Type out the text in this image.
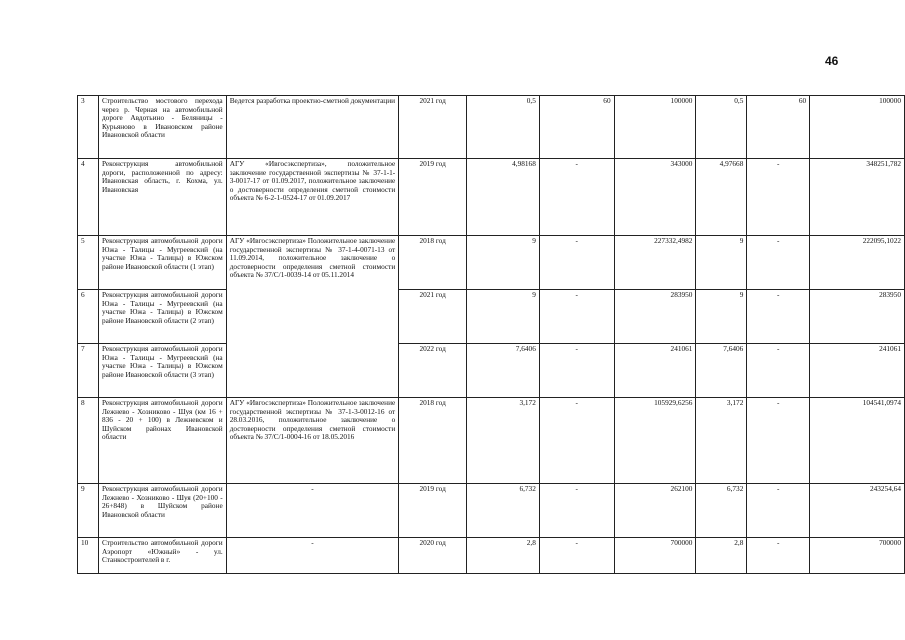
46
3	Строительство мостового перехода через р. Черная на автомобильной дороге Авдотьино - Беляницы - Курьяново в Ивановском районе Ивановской области	Ведется разработка проектно-сметной документации	2021 год	0,5	60	100000	0,5	60	100000
4	Реконструкция автомобильной дороги, расположенной по адресу: Ивановская область, г. Кохма, ул. Ивановская	АГУ «Ивгосэкспертиза», положительное заключение государственной экспертизы № 37-1-1-3-0017-17 от 01.09.2017, положительное заключение о достоверности определения сметной стоимости объекта № 6-2-1-0524-17 от 01.09.2017	2019 год	4,98168	-	343000	4,97668	-	348251,782
5	Реконструкция автомобильной дороги Южа - Талицы - Мугреевский (на участке Южа - Талицы) в Южском районе Ивановской области (1 этап)	АГУ «Ивгосэкспертиза» Положительное заключение государственной экспертизы № 37-1-4-0071-13 от 11.09.2014, положительное заключение о достоверности определения сметной стоимости объекта № 37/С/1-0039-14 от 05.11.2014	2018 год	9	-	227332,4982	9	-	222095,1022
6	Реконструкция автомобильной дороги Южа - Талицы - Мугреевский (на участке Южа - Талицы) в Южском районе Ивановской области (2 этап)		2021 год	9	-	283950	9	-	283950
7	Реконструкция автомобильной дороги Южа - Талицы - Мугреевский (на участке Южа - Талицы) в Южском районе Ивановской области (3 этап)		2022 год	7,6406	-	241061	7,6406	-	241061
8	Реконструкция автомобильной дороги Лежнево - Хозниково - Шуя (км 16 + 836 - 20 + 100) в Лежневском и Шуйском районах Ивановской области	АГУ «Ивгосэкспертиза» Положительное заключение государственной экспертизы № 37-1-3-0012-16 от 28.03.2016, положительное заключение о достоверности определения сметной стоимости объекта № 37/С/1-0004-16 от 18.05.2016	2018 год	3,172	-	105929,6256	3,172	-	104541,0974
9	Реконструкция автомобильной дороги Лежнево - Хозниково - Шуя (20+100 - 26+848) в Шуйском районе Ивановской области	-	2019 год	6,732	-	262100	6,732	-	243254,64
10	Строительство автомобильной дороги Аэропорт «Южный» - ул. Станкостроителей в г.	-	2020 год	2,8	-	700000	2,8	-	700000
